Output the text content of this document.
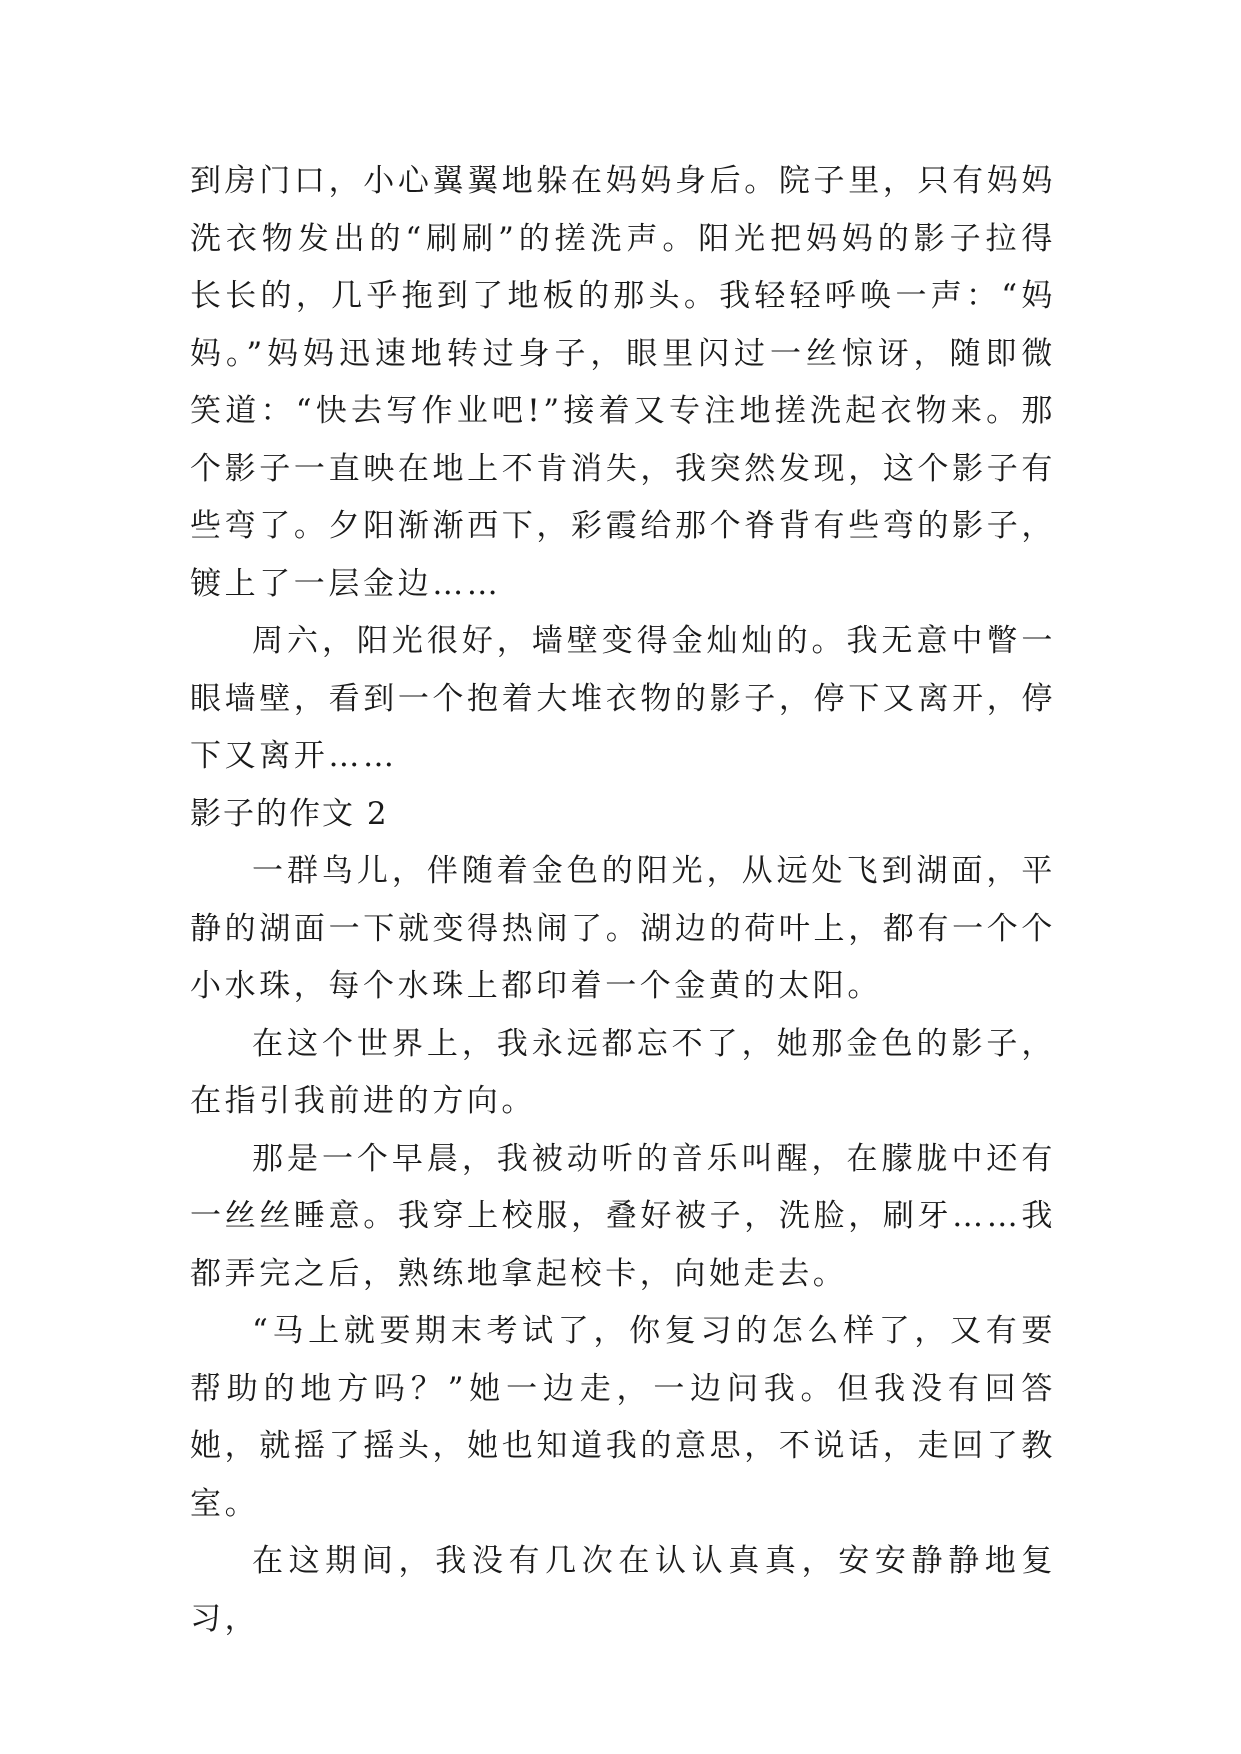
到房门口，小心翼翼地躲在妈妈身后。院子里，只有妈妈洗衣物发出的“刷刷”的搓洗声。阳光把妈妈的影子拉得长长的，几乎拖到了地板的那头。我轻轻呼唤一声：“妈妈。”妈妈迅速地转过身子，眼里闪过一丝惊讶，随即微笑道：“快去写作业吧!”接着又专注地搓洗起衣物来。那个影子一直映在地上不肯消失，我突然发现，这个影子有些弯了。夕阳渐渐西下，彩霞给那个脊背有些弯的影子，镀上了一层金边……

周六，阳光很好，墙壁变得金灿灿的。我无意中瞥一眼墙壁，看到一个抱着大堆衣物的影子，停下又离开，停下又离开……

影子的作文 2

一群鸟儿，伴随着金色的阳光，从远处飞到湖面，平静的湖面一下就变得热闹了。湖边的荷叶上，都有一个个小水珠，每个水珠上都印着一个金黄的太阳。

在这个世界上，我永远都忘不了，她那金色的影子，在指引我前进的方向。

那是一个早晨，我被动听的音乐叫醒，在朦胧中还有一丝丝睡意。我穿上校服，叠好被子，洗脸，刷牙……我都弄完之后，熟练地拿起校卡，向她走去。

“马上就要期末考试了，你复习的怎么样了，又有要帮助的地方吗？”她一边走，一边问我。但我没有回答她，就摇了摇头，她也知道我的意思，不说话，走回了教室。

在这期间，我没有几次在认认真真，安安静静地复习，
